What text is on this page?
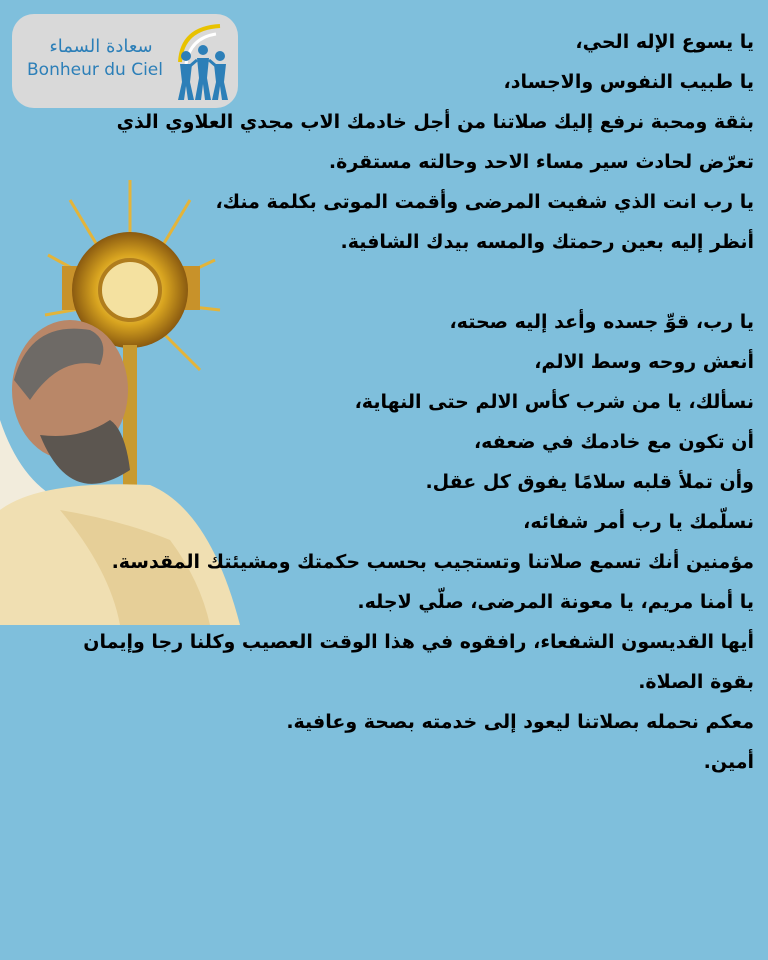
سعادة السماء
Bonheur du Ciel
يا يسوع الإله الحي،
يا طبيب النفوس والاجساد،
بثقة ومحبة نرفع إليك صلاتنا من أجل خادمك الاب مجدي العلاوي الذي
تعرّض لحادث سير مساء الاحد وحالته مستقرة.
يا رب انت الذي شفيت المرضى وأقمت الموتى بكلمة منك،
أنظر إليه بعين رحمتك والمسه بيدك الشافية.
يا رب، قوِّ جسده وأعد إليه صحته،
أنعش روحه وسط الالم،
نسألك، يا من شرب كأس الالم حتى النهاية،
أن تكون مع خادمك في ضعفه،
وأن تملأ قلبه سلامًا يفوق كل عقل.
نسلّمك يا رب أمر شفائه،
مؤمنين أنك تسمع صلاتنا وتستجيب بحسب حكمتك ومشيئتك المقدسة.
يا أمنا مريم، يا معونة المرضى، صلّي لاجله.
أيها القديسون الشفعاء، رافقوه في هذا الوقت العصيب وكلنا رجا وإيمان
بقوة الصلاة.
معكم نحمله بصلاتنا ليعود إلى خدمته بصحة وعافية.
أمين.
